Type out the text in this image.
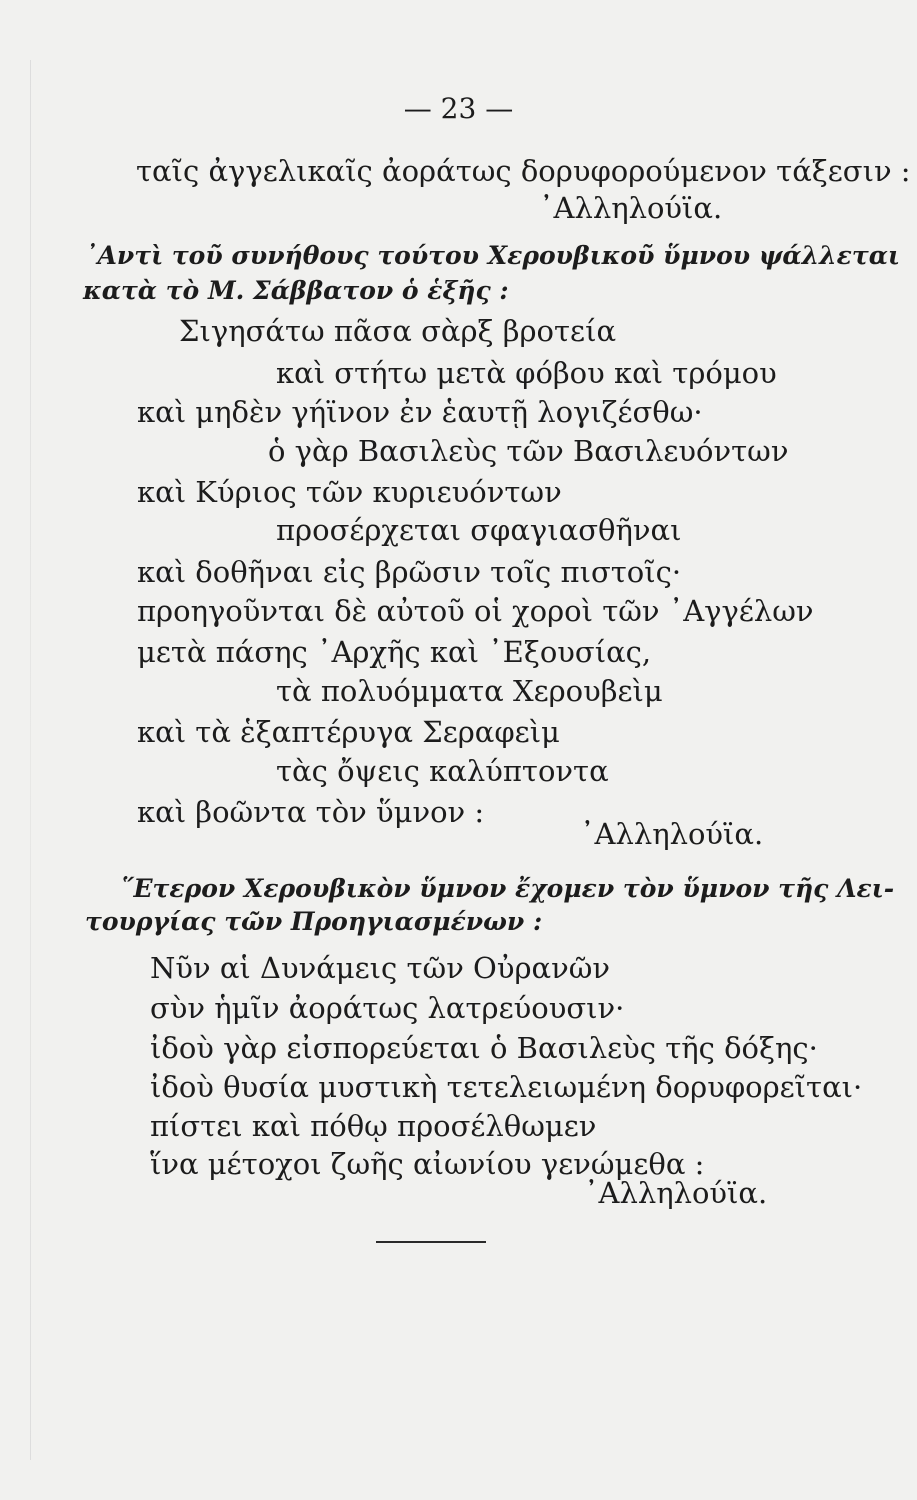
— 23 —
ταῖς ἀγγελικαῖς ἀοράτως δορυφορούμενον τάξεσιν :
᾿Αλληλούϊα.
᾿Αντὶ τοῦ συνήθους τούτου Χερουβικοῦ ὕμνου ψάλλεται
κατὰ τὸ Μ. Σάββατον ὁ ἑξῆς :
Σιγησάτω πᾶσα σὰρξ βροτεία
καὶ στήτω μετὰ φόβου καὶ τρόμου
καὶ μηδὲν γήϊνον ἐν ἑαυτῇ λογιζέσθω·
ὁ γὰρ Βασιλεὺς τῶν Βασιλευόντων
καὶ Κύριος τῶν κυριευόντων
προσέρχεται σφαγιασθῆναι
καὶ δοθῆναι εἰς βρῶσιν τοῖς πιστοῖς·
προηγοῦνται δὲ αὐτοῦ οἱ χοροὶ τῶν ᾿Αγγέλων
μετὰ πάσης ᾿Αρχῆς καὶ ᾿Εξουσίας,
τὰ πολυόμματα Χερουβεὶμ
καὶ τὰ ἑξαπτέρυγα Σεραφεὶμ
τὰς ὄψεις καλύπτοντα
καὶ βοῶντα τὸν ὕμνον :
᾿Αλληλούϊα.
῞Ετερον Χερουβικὸν ὕμνον ἔχομεν τὸν ὕμνον τῆς Λει-
τουργίας τῶν Προηγιασμένων :
Νῦν αἱ Δυνάμεις τῶν Οὐρανῶν
σὺν ἡμῖν ἀοράτως λατρεύουσιν·
ἰδοὺ γὰρ εἰσπορεύεται ὁ Βασιλεὺς τῆς δόξης·
ἰδοὺ θυσία μυστικὴ τετελειωμένη δορυφορεῖται·
πίστει καὶ πόθῳ προσέλθωμεν
ἵνα μέτοχοι ζωῆς αἰωνίου γενώμεθα :
᾿Αλληλούϊα.
